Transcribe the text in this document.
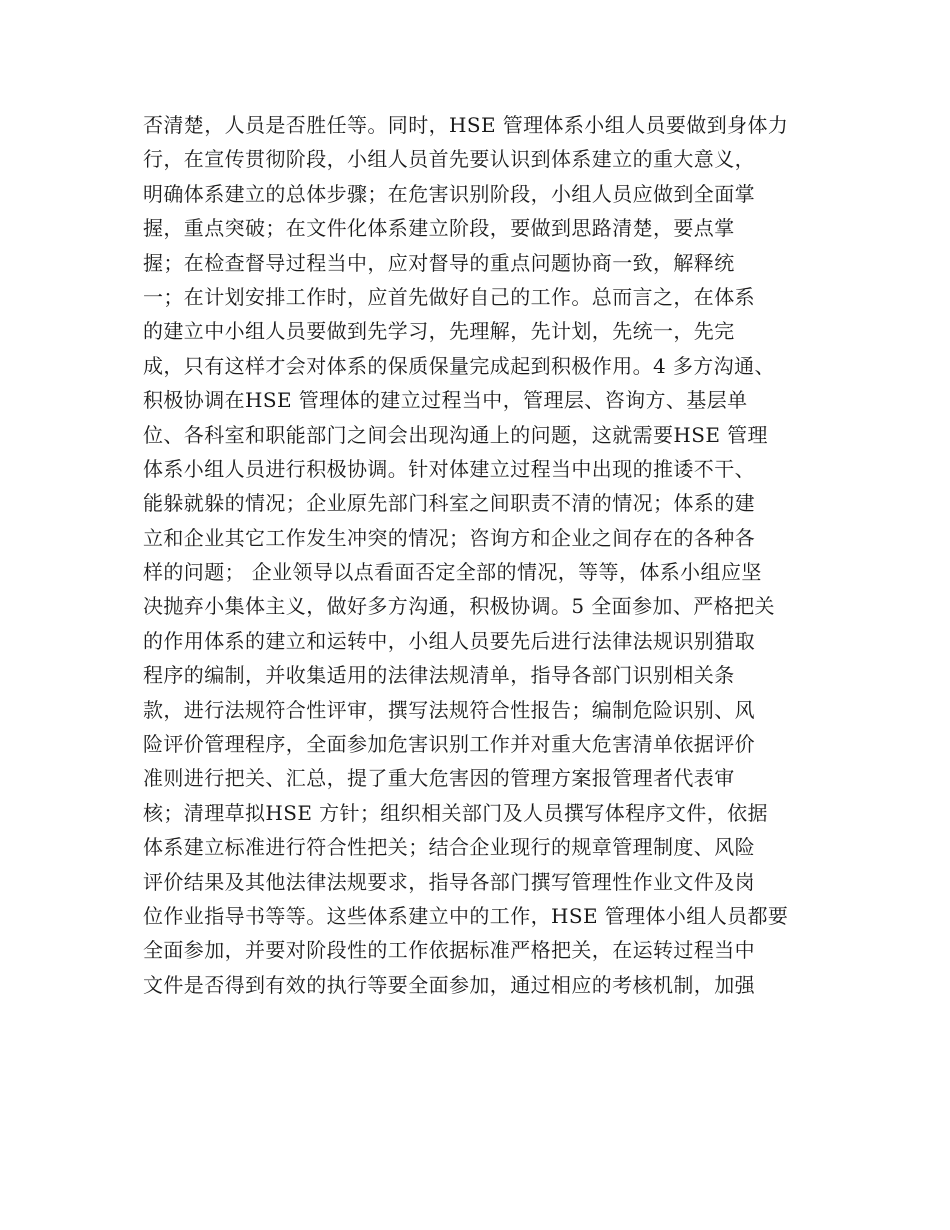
否清楚，人员是否胜任等。同时，HSE 管理体系小组人员要做到身体力
行，在宣传贯彻阶段，小组人员首先要认识到体系建立的重大意义，
明确体系建立的总体步骤；在危害识别阶段，小组人员应做到全面掌
握，重点突破；在文件化体系建立阶段，要做到思路清楚，要点掌
握；在检查督导过程当中，应对督导的重点问题协商一致，解释统
一；在计划安排工作时，应首先做好自己的工作。总而言之，在体系
的建立中小组人员要做到先学习，先理解，先计划，先统一，先完
成，只有这样才会对体系的保质保量完成起到积极作用。4 多方沟通、
积极协调在HSE 管理体的建立过程当中，管理层、咨询方、基层单
位、各科室和职能部门之间会出现沟通上的问题，这就需要HSE 管理
体系小组人员进行积极协调。针对体建立过程当中出现的推诿不干、
能躲就躲的情况；企业原先部门科室之间职责不清的情况；体系的建
立和企业其它工作发生冲突的情况；咨询方和企业之间存在的各种各
样的问题； 企业领导以点看面否定全部的情况，等等，体系小组应坚
决抛弃小集体主义，做好多方沟通，积极协调。5 全面参加、严格把关
的作用体系的建立和运转中，小组人员要先后进行法律法规识别猎取
程序的编制，并收集适用的法律法规清单，指导各部门识别相关条
款，进行法规符合性评审，撰写法规符合性报告；编制危险识别、风
险评价管理程序，全面参加危害识别工作并对重大危害清单依据评价
准则进行把关、汇总，提了重大危害因的管理方案报管理者代表审
核；清理草拟HSE 方针；组织相关部门及人员撰写体程序文件，依据
体系建立标准进行符合性把关；结合企业现行的规章管理制度、风险
评价结果及其他法律法规要求，指导各部门撰写管理性作业文件及岗
位作业指导书等等。这些体系建立中的工作，HSE 管理体小组人员都要
全面参加，并要对阶段性的工作依据标准严格把关，在运转过程当中
文件是否得到有效的执行等要全面参加，通过相应的考核机制，加强
